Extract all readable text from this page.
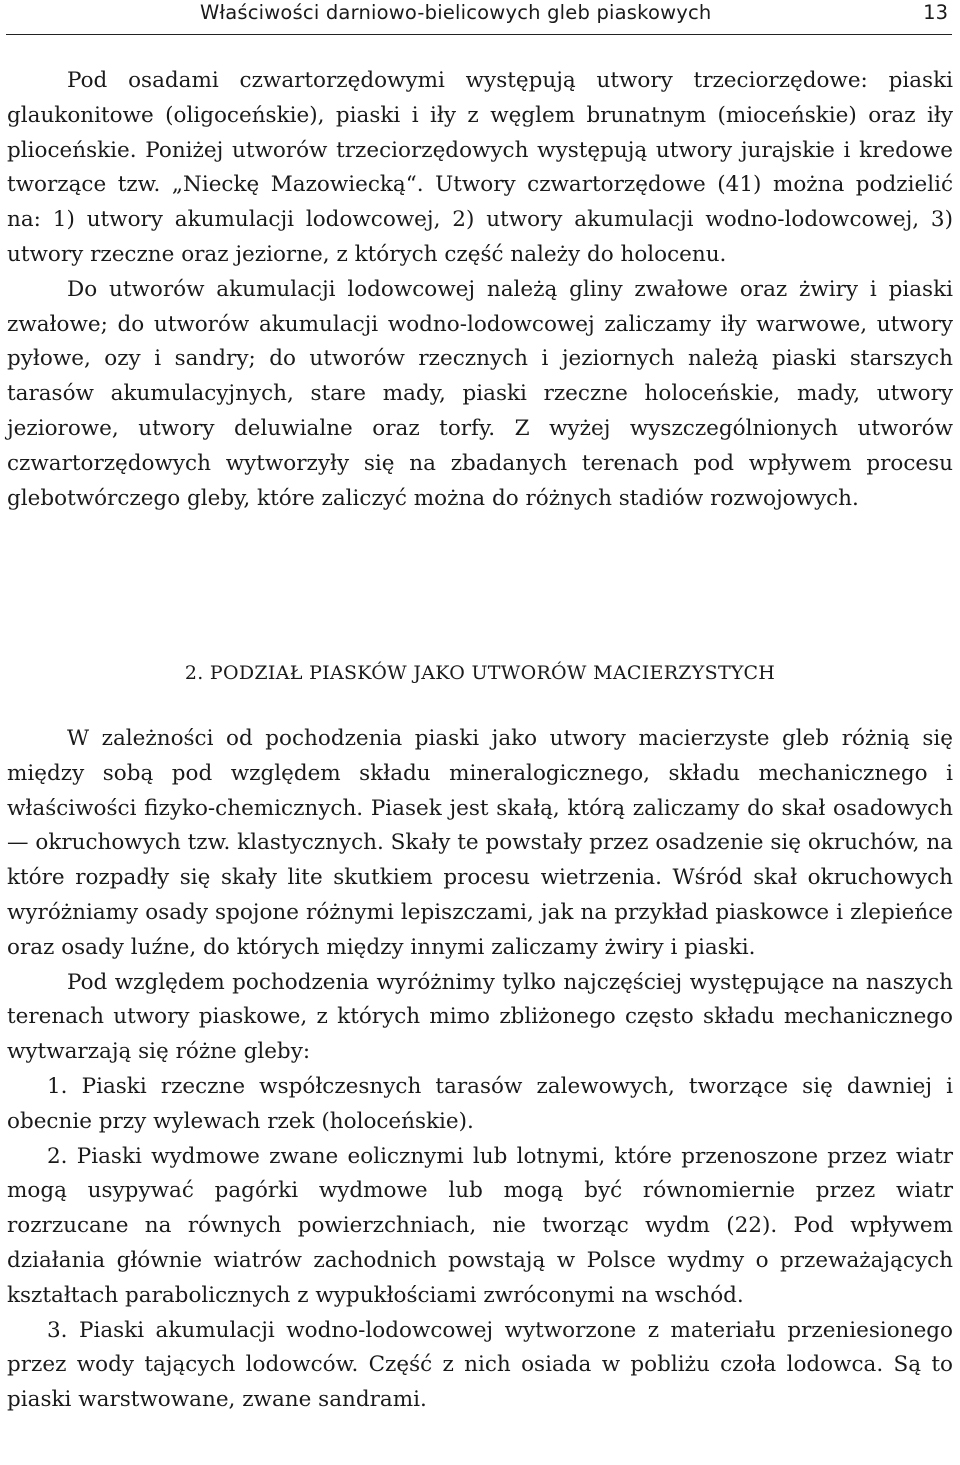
Właściwości darniowo-bielicowych gleb piaskowych	13

Pod osadami czwartorzędowymi występują utwory trzeciorzędowe: piaski glaukonitowe (oligoceńskie), piaski i iły z węglem brunatnym (mioceńskie) oraz iły plioceńskie. Poniżej utworów trzeciorzędowych występują utwory jurajskie i kredowe tworzące tzw. „Nieckę Mazowiecką“. Utwory czwartorzędowe (41) można podzielić na: 1) utwory akumulacji lodowcowej, 2) utwory akumulacji wodno-lodowcowej, 3) utwory rzeczne oraz jeziorne, z których część należy do holocenu.

Do utworów akumulacji lodowcowej należą gliny zwałowe oraz żwiry i piaski zwałowe; do utworów akumulacji wodno-lodowcowej zaliczamy iły warwowe, utwory pyłowe, ozy i sandry; do utworów rzecznych i jeziornych należą piaski starszych tarasów akumulacyjnych, stare mady, piaski rzeczne holoceńskie, mady, utwory jeziorowe, utwory deluwialne oraz torfy. Z wyżej wyszczególnionych utworów czwartorzędowych wytworzyły się na zbadanych terenach pod wpływem procesu glebotwórczego gleby, które zaliczyć można do różnych stadiów rozwojowych.

2. PODZIAŁ PIASKÓW JAKO UTWORÓW MACIERZYSTYCH

W zależności od pochodzenia piaski jako utwory macierzyste gleb różnią się między sobą pod względem składu mineralogicznego, składu mechanicznego i właściwości fizyko-chemicznych. Piasek jest skałą, którą zaliczamy do skał osadowych — okruchowych tzw. klastycznych. Skały te powstały przez osadzenie się okruchów, na które rozpadły się skały lite skutkiem procesu wietrzenia. Wśród skał okruchowych wyróżniamy osady spojone różnymi lepiszczami, jak na przykład piaskowce i zlepieńce oraz osady luźne, do których między innymi zaliczamy żwiry i piaski.

Pod względem pochodzenia wyróżnimy tylko najczęściej występujące na naszych terenach utwory piaskowe, z których mimo zbliżonego często składu mechanicznego wytwarzają się różne gleby:

1. Piaski rzeczne współczesnych tarasów zalewowych, tworzące się dawniej i obecnie przy wylewach rzek (holoceńskie).

2. Piaski wydmowe zwane eolicznymi lub lotnymi, które przenoszone przez wiatr mogą usypywać pagórki wydmowe lub mogą być równomiernie przez wiatr rozrzucane na równych powierzchniach, nie tworząc wydm (22). Pod wpływem działania głównie wiatrów zachodnich powstają w Polsce wydmy o przeważających kształtach parabolicznych z wypukłościami zwróconymi na wschód.

3. Piaski akumulacji wodno-lodowcowej wytworzone z materiału przeniesionego przez wody tających lodowców. Część z nich osiada w pobliżu czoła lodowca. Są to piaski warstwowane, zwane sandrami.
